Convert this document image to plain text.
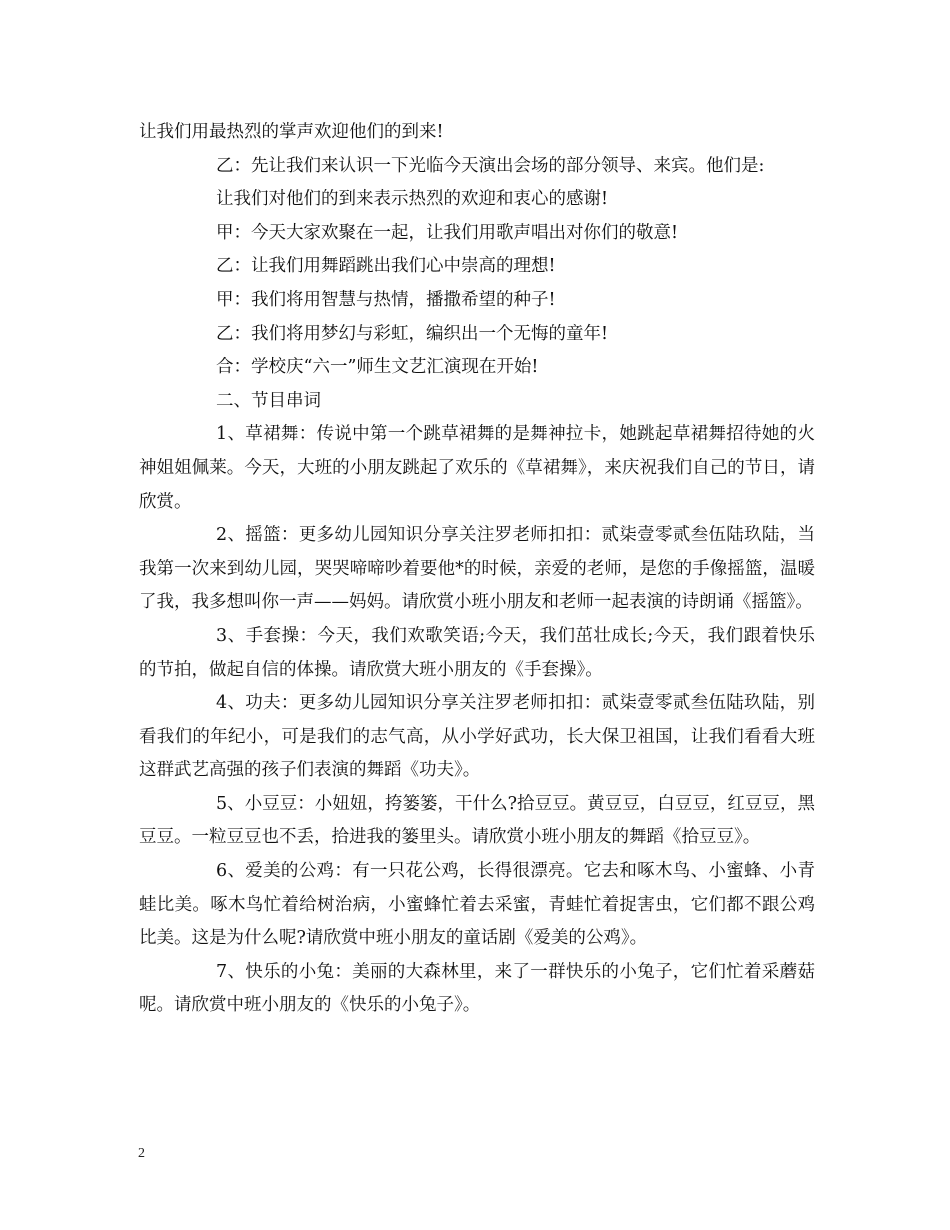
让我们用最热烈的掌声欢迎他们的到来!

乙：先让我们来认识一下光临今天演出会场的部分领导、来宾。他们是:

让我们对他们的到来表示热烈的欢迎和衷心的感谢!

甲：今天大家欢聚在一起，让我们用歌声唱出对你们的敬意!

乙：让我们用舞蹈跳出我们心中崇高的理想!

甲：我们将用智慧与热情，播撒希望的种子!

乙：我们将用梦幻与彩虹，编织出一个无悔的童年!

合：学校庆“六一”师生文艺汇演现在开始!

二、节目串词

1、草裙舞：传说中第一个跳草裙舞的是舞神拉卡，她跳起草裙舞招待她的火神姐姐佩莱。今天，大班的小朋友跳起了欢乐的《草裙舞》，来庆祝我们自己的节日，请欣赏。

2、摇篮：更多幼儿园知识分享关注罗老师扣扣：贰柒壹零贰叁伍陆玖陆，当我第一次来到幼儿园，哭哭啼啼吵着要他*的时候，亲爱的老师，是您的手像摇篮，温暖了我，我多想叫你一声——妈妈。请欣赏小班小朋友和老师一起表演的诗朗诵《摇篮》。

3、手套操：今天，我们欢歌笑语;今天，我们茁壮成长;今天，我们跟着快乐的节拍，做起自信的体操。请欣赏大班小朋友的《手套操》。

4、功夫：更多幼儿园知识分享关注罗老师扣扣：贰柒壹零贰叁伍陆玖陆，别看我们的年纪小，可是我们的志气高，从小学好武功，长大保卫祖国，让我们看看大班这群武艺高强的孩子们表演的舞蹈《功夫》。

5、小豆豆：小妞妞，挎篓篓，干什么?拾豆豆。黄豆豆，白豆豆，红豆豆，黑豆豆。一粒豆豆也不丢，拾进我的篓里头。请欣赏小班小朋友的舞蹈《拾豆豆》。

6、爱美的公鸡：有一只花公鸡，长得很漂亮。它去和啄木鸟、小蜜蜂、小青蛙比美。啄木鸟忙着给树治病，小蜜蜂忙着去采蜜，青蛙忙着捉害虫，它们都不跟公鸡比美。这是为什么呢?请欣赏中班小朋友的童话剧《爱美的公鸡》。

7、快乐的小兔：美丽的大森林里，来了一群快乐的小兔子，它们忙着采蘑菇呢。请欣赏中班小朋友的《快乐的小兔子》。

2
